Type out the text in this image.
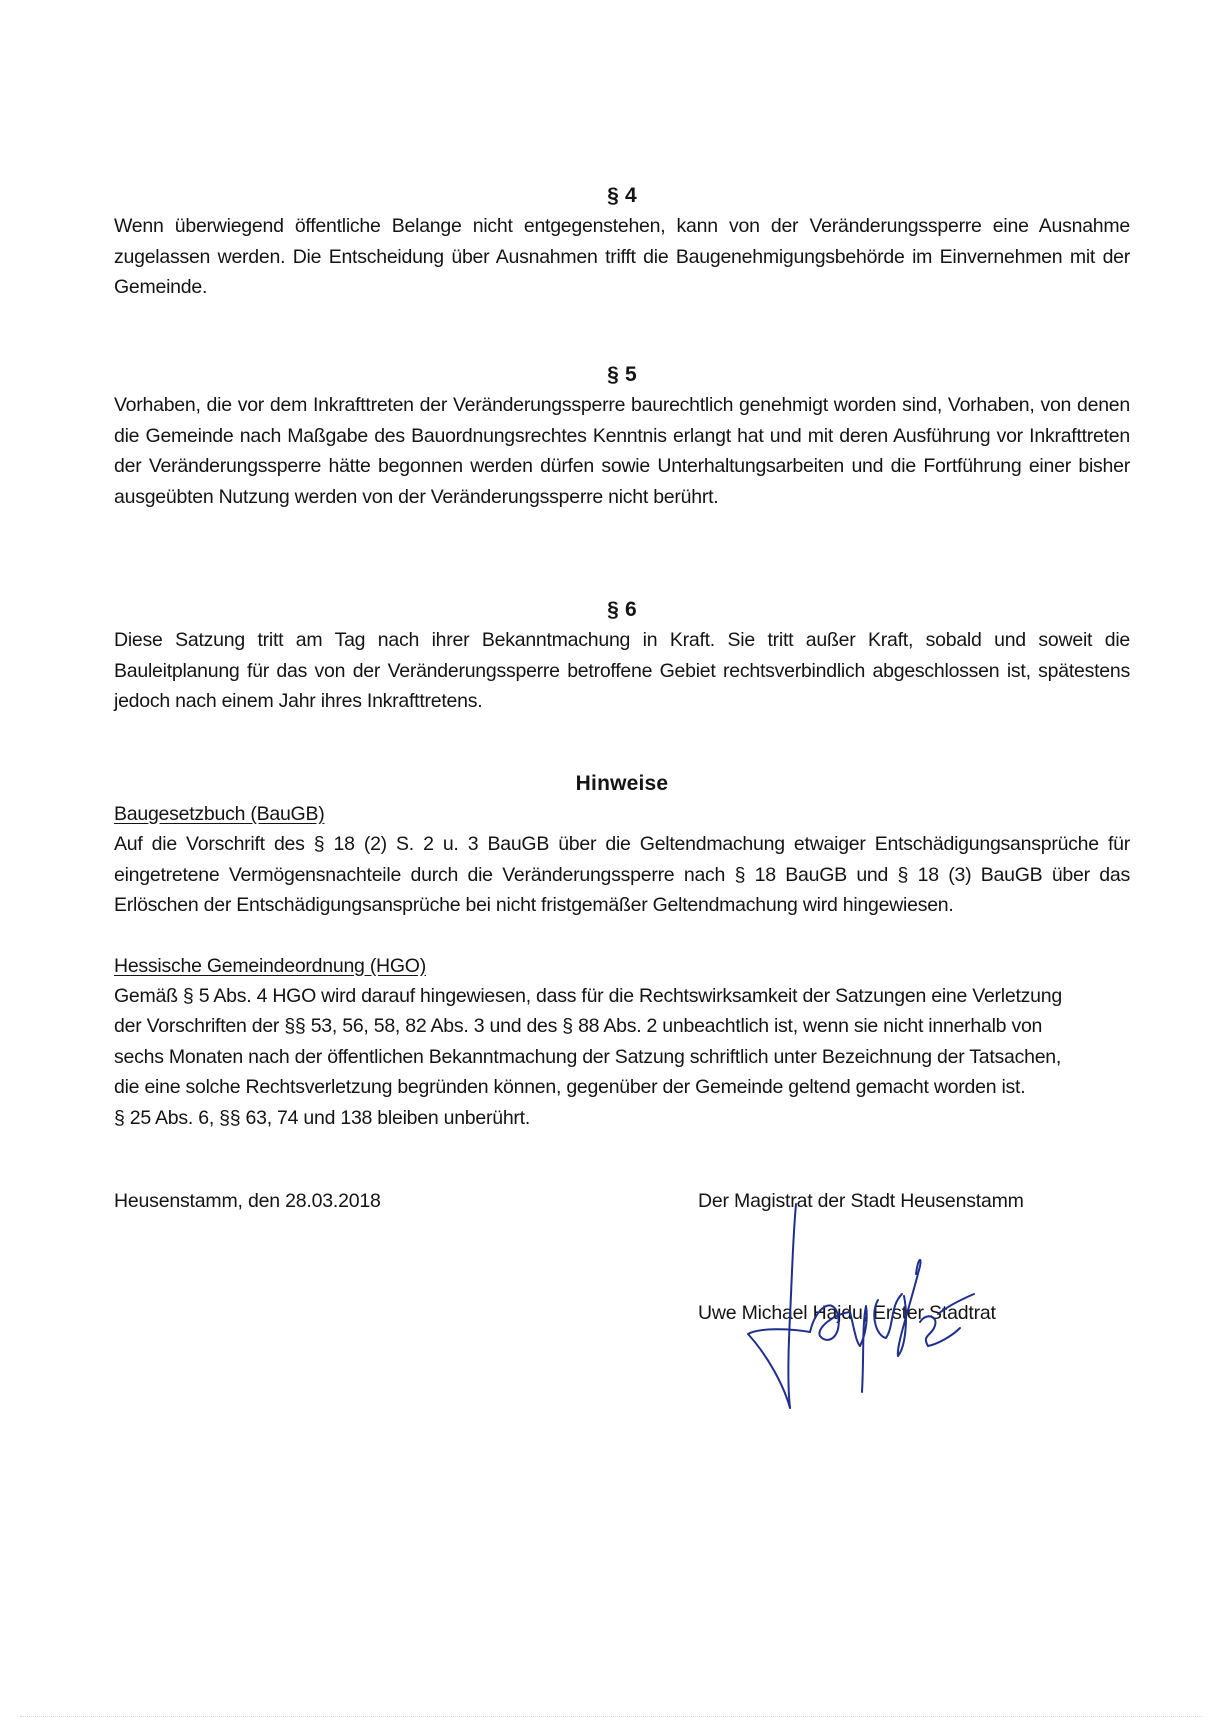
§ 4

Wenn überwiegend öffentliche Belange nicht entgegenstehen, kann von der Veränderungssperre eine Ausnahme zugelassen werden. Die Entscheidung über Ausnahmen trifft die Baugenehmigungsbehörde im Einvernehmen mit der Gemeinde.

§ 5

Vorhaben, die vor dem Inkrafttreten der Veränderungssperre baurechtlich genehmigt worden sind, Vorhaben, von denen die Gemeinde nach Maßgabe des Bauordnungsrechtes Kenntnis erlangt hat und mit deren Ausführung vor Inkrafttreten der Veränderungssperre hätte begonnen werden dürfen sowie Unterhaltungsarbeiten und die Fortführung einer bisher ausgeübten Nutzung werden von der Veränderungssperre nicht berührt.

§ 6

Diese Satzung tritt am Tag nach ihrer Bekanntmachung in Kraft. Sie tritt außer Kraft, sobald und soweit die Bauleitplanung für das von der Veränderungssperre betroffene Gebiet rechtsverbindlich abgeschlossen ist, spätestens jedoch nach einem Jahr ihres Inkrafttretens.

Hinweise
Baugesetzbuch (BauGB)

Auf die Vorschrift des § 18 (2) S. 2 u. 3 BauGB über die Geltendmachung etwaiger Entschädigungsansprüche für eingetretene Vermögensnachteile durch die Veränderungssperre nach § 18 BauGB und § 18 (3) BauGB über das Erlöschen der Entschädigungsansprüche bei nicht fristgemäßer Geltendmachung wird hingewiesen.

Hessische Gemeindeordnung (HGO)
Gemäß § 5 Abs. 4 HGO wird darauf hingewiesen, dass für die Rechtswirksamkeit der Satzungen eine Verletzung
der Vorschriften der §§ 53, 56, 58, 82 Abs. 3 und des § 88 Abs. 2 unbeachtlich ist, wenn sie nicht innerhalb von
sechs Monaten nach der öffentlichen Bekanntmachung der Satzung schriftlich unter Bezeichnung der Tatsachen,
die eine solche Rechtsverletzung begründen können, gegenüber der Gemeinde geltend gemacht worden ist.
§ 25 Abs. 6, §§ 63, 74 und 138 bleiben unberührt.
Heusenstamm, den 28.03.2018	Der Magistrat der Stadt Heusenstamm
Uwe Michael Hajdu, Erster Stadtrat
